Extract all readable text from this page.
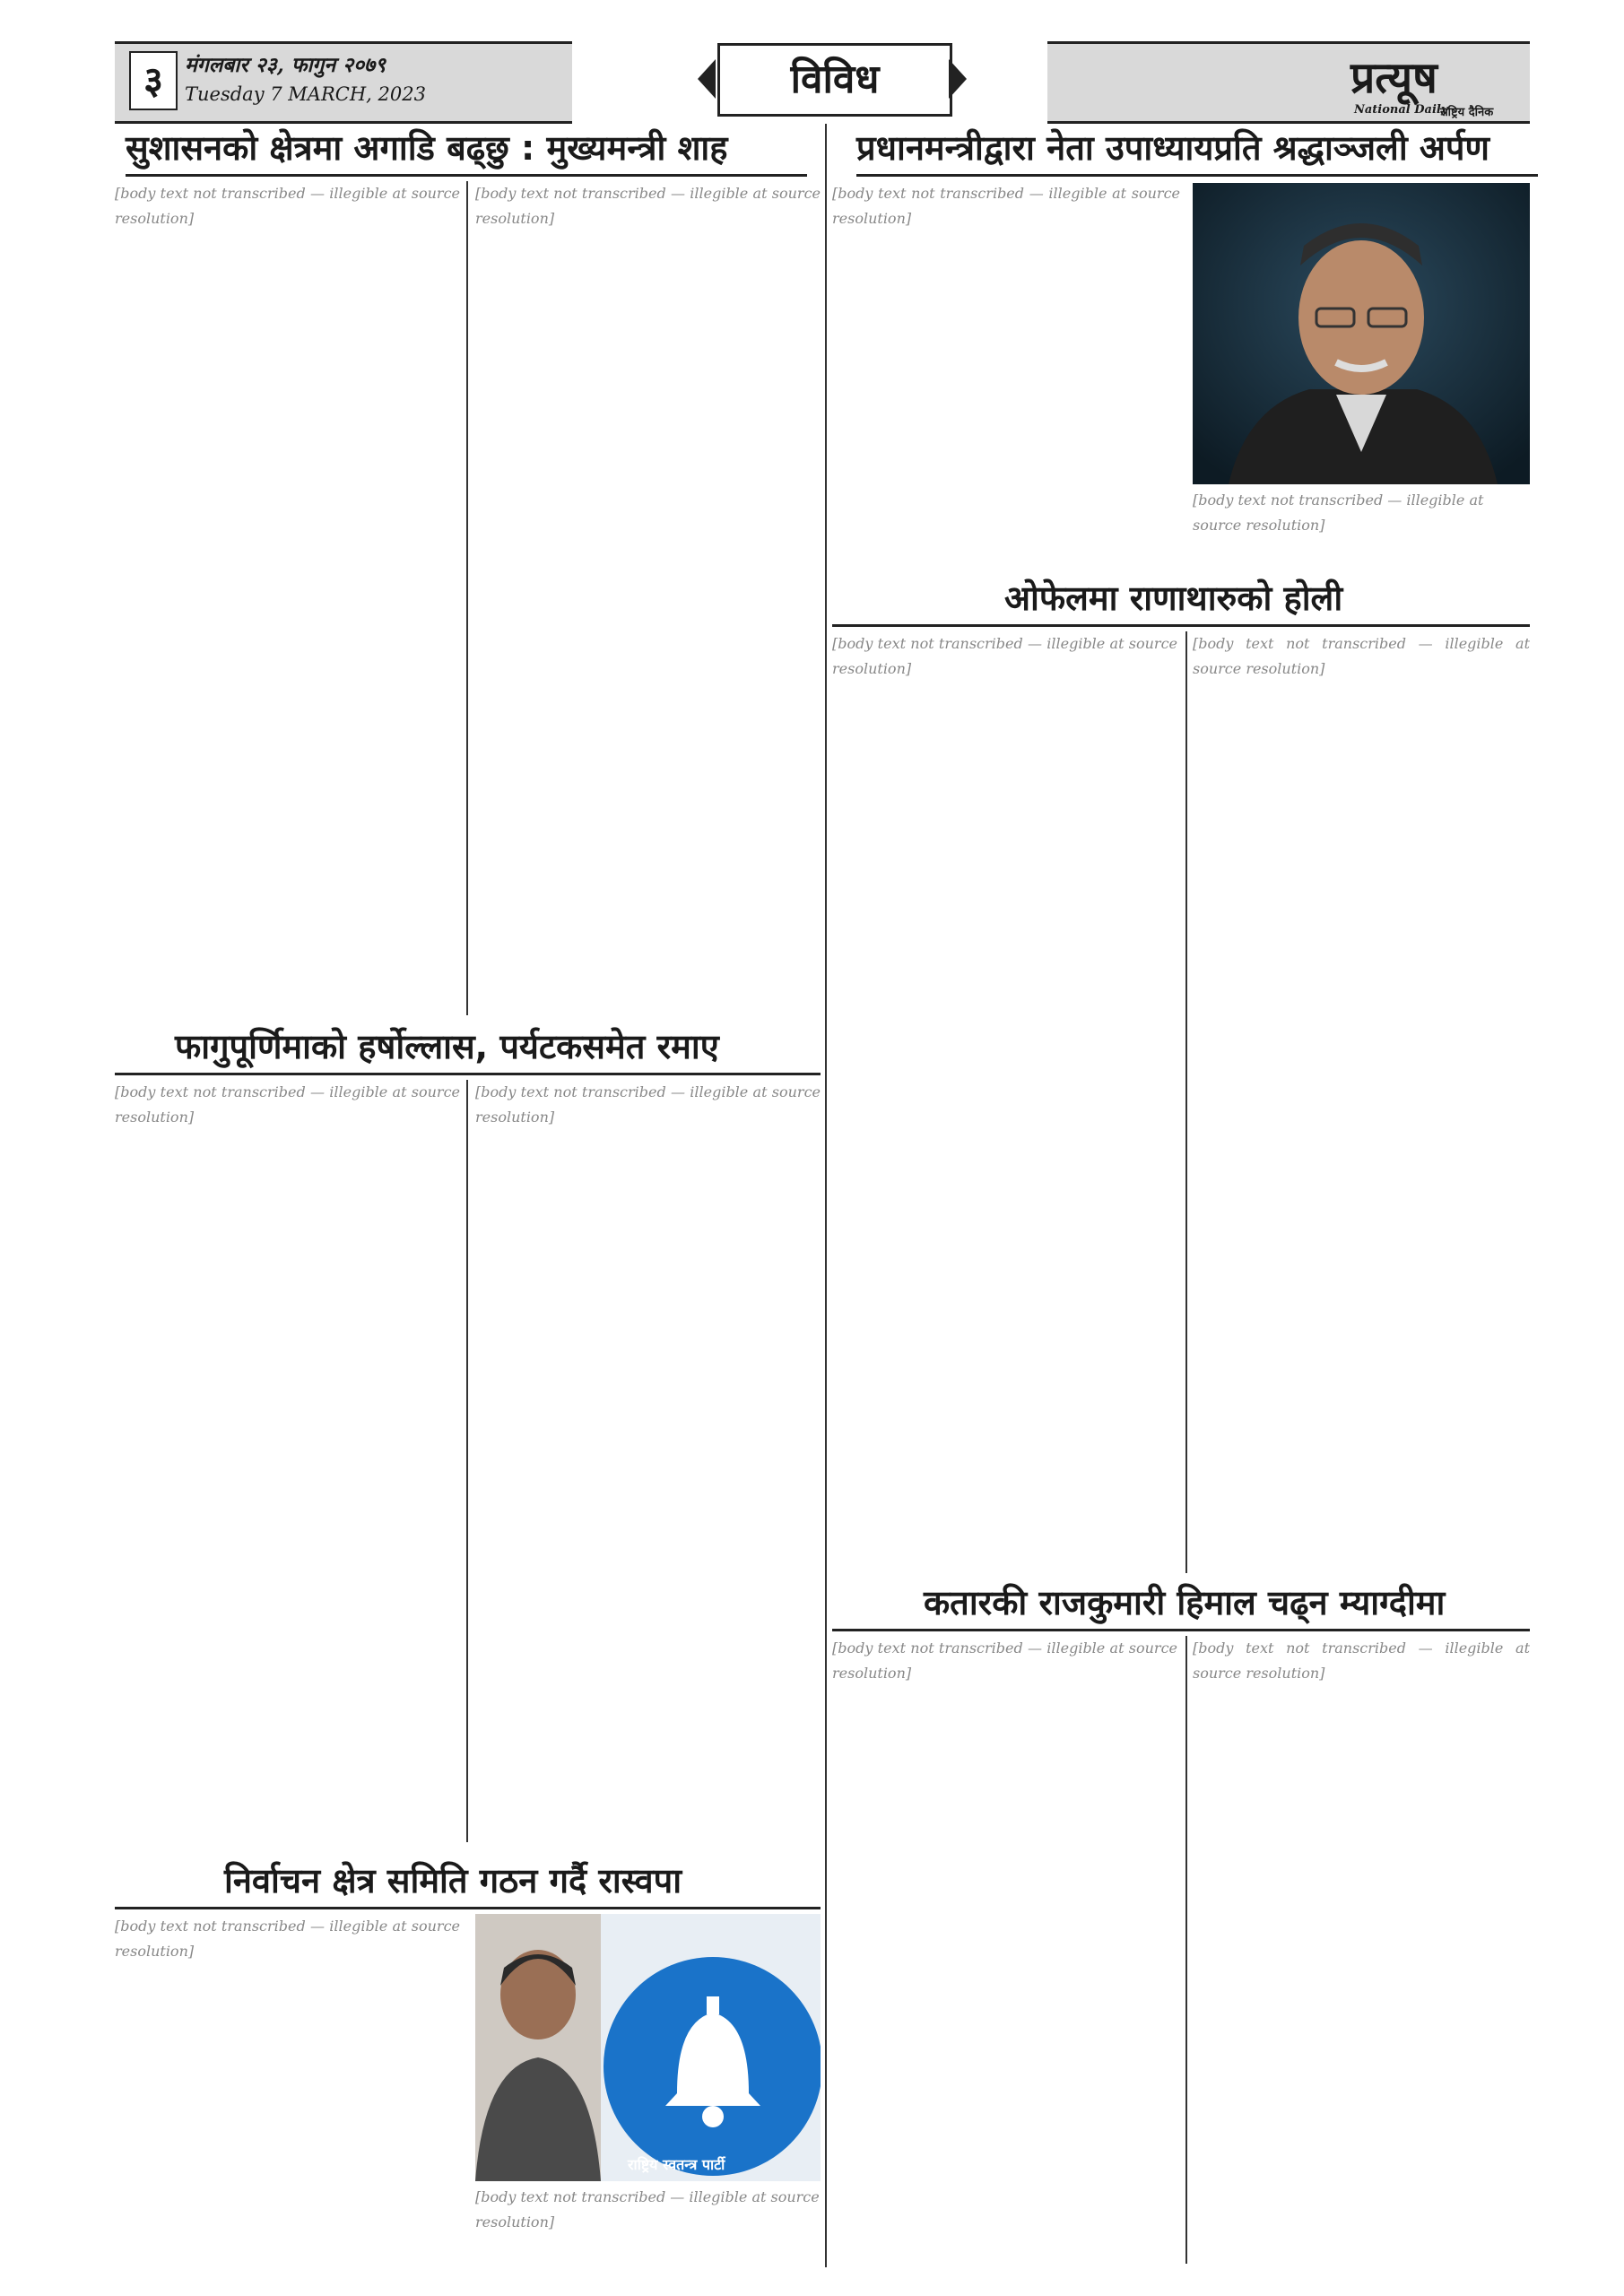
३	मंगलबार २३, फागुन २०७९
Tuesday 7 MARCH, 2023	विविध	प्रत्यूष
National Daily
राष्ट्रिय दैनिक
सुशासनको क्षेत्रमा अगाडि बढ्छु : मुख्यमन्त्री शाह
[body text not transcribed — illegible at source resolution]
[body text not transcribed — illegible at source resolution]
प्रधानमन्त्रीद्वारा नेता उपाध्यायप्रति श्रद्धाञ्जली अर्पण
[body text not transcribed — illegible at source resolution]
[body text not transcribed — illegible at source resolution]
ओफेलमा राणाथारुको होली
[body text not transcribed — illegible at source resolution]
[body text not transcribed — illegible at source resolution]
फागुपूर्णिमाको हर्षोल्लास, पर्यटकसमेत रमाए
[body text not transcribed — illegible at source resolution]
[body text not transcribed — illegible at source resolution]
निर्वाचन क्षेत्र समिति गठन गर्दै रास्वपा
[body text not transcribed — illegible at source resolution]
राष्ट्रिय स्वतन्त्र पार्टी
[body text not transcribed — illegible at source resolution]
कतारकी राजकुमारी हिमाल चढ्न म्याग्दीमा
[body text not transcribed — illegible at source resolution]
[body text not transcribed — illegible at source resolution]
